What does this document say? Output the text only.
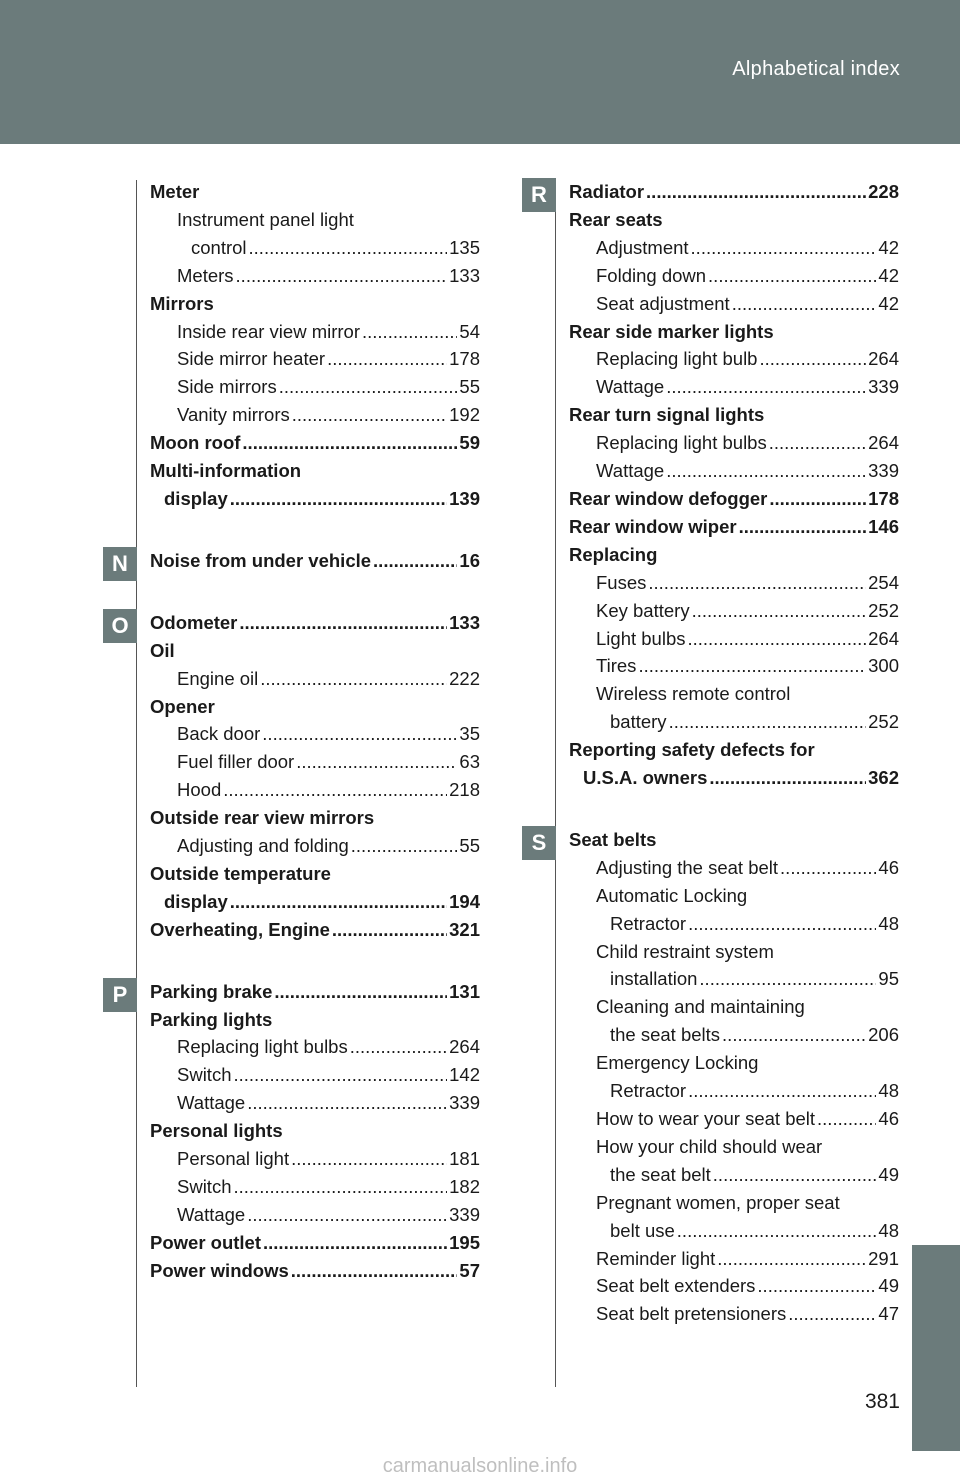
Alphabetical index
Meter
Instrument panel light
control .....	135
Meters .....	133
Mirrors
Inside rear view mirror .....	54
Side mirror heater .....	178
Side mirrors .....	55
Vanity mirrors .....	192
Moon roof .....	59
Multi-information
display .....	139
N	Noise from under vehicle .....	16
O	Odometer .....	133
Oil
Engine oil .....	222
Opener
Back door .....	35
Fuel filler door .....	63
Hood .....	218
Outside rear view mirrors
Adjusting and folding .....	55
Outside temperature
display .....	194
Overheating, Engine .....	321
P	Parking brake .....	131
Parking lights
Replacing light bulbs .....	264
Switch .....	142
Wattage .....	339
Personal lights
Personal light .....	181
Switch .....	182
Wattage .....	339
Power outlet .....	195
Power windows .....	57
R	Radiator .....	228
Rear seats
Adjustment .....	42
Folding down .....	42
Seat adjustment .....	42
Rear side marker lights
Replacing light bulb .....	264
Wattage .....	339
Rear turn signal lights
Replacing light bulbs .....	264
Wattage .....	339
Rear window defogger .....	178
Rear window wiper .....	146
Replacing
Fuses .....	254
Key battery .....	252
Light bulbs .....	264
Tires .....	300
Wireless remote control
battery .....	252
Reporting safety defects for
U.S.A. owners .....	362
S	Seat belts
Adjusting the seat belt .....	46
Automatic Locking
Retractor .....	48
Child restraint system
installation .....	95
Cleaning and maintaining
the seat belts .....	206
Emergency Locking
Retractor .....	48
How to wear your seat belt .....	46
How your child should wear
the seat belt .....	49
Pregnant women, proper seat
belt use .....	48
Reminder light .....	291
Seat belt extenders .....	49
Seat belt pretensioners .....	47
381
carmanualsonline.info
